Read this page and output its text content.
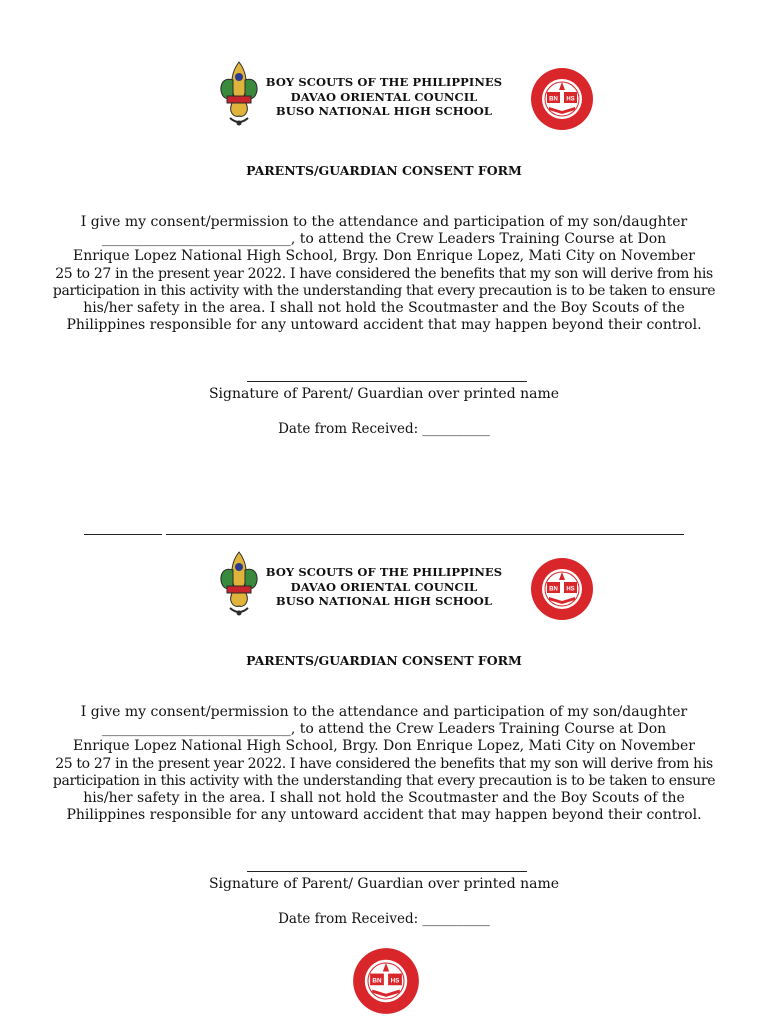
BOY SCOUTS OF THE PHILIPPINES
DAVAO ORIENTAL COUNCIL
BUSO NATIONAL HIGH SCHOOL
BN HS
PARENTS/GUARDIAN CONSENT FORM
I give my consent/permission to the attendance and participation of my son/daughter
___________________________, to attend the Crew Leaders Training Course at Don
Enrique Lopez National High School, Brgy. Don Enrique Lopez, Mati City on November
25 to 27 in the present year 2022. I have considered the benefits that my son will derive from his
participation in this activity with the understanding that every precaution is to be taken to ensure
his/her safety in the area. I shall not hold the Scoutmaster and the Boy Scouts of the
Philippines responsible for any untoward accident that may happen beyond their control.
Signature of Parent/ Guardian over printed name
Date from Received: __________
BOY SCOUTS OF THE PHILIPPINES
DAVAO ORIENTAL COUNCIL
BUSO NATIONAL HIGH SCHOOL
BN HS
PARENTS/GUARDIAN CONSENT FORM
I give my consent/permission to the attendance and participation of my son/daughter
___________________________, to attend the Crew Leaders Training Course at Don
Enrique Lopez National High School, Brgy. Don Enrique Lopez, Mati City on November
25 to 27 in the present year 2022. I have considered the benefits that my son will derive from his
participation in this activity with the understanding that every precaution is to be taken to ensure
his/her safety in the area. I shall not hold the Scoutmaster and the Boy Scouts of the
Philippines responsible for any untoward accident that may happen beyond their control.
Signature of Parent/ Guardian over printed name
Date from Received: __________
BN HS
